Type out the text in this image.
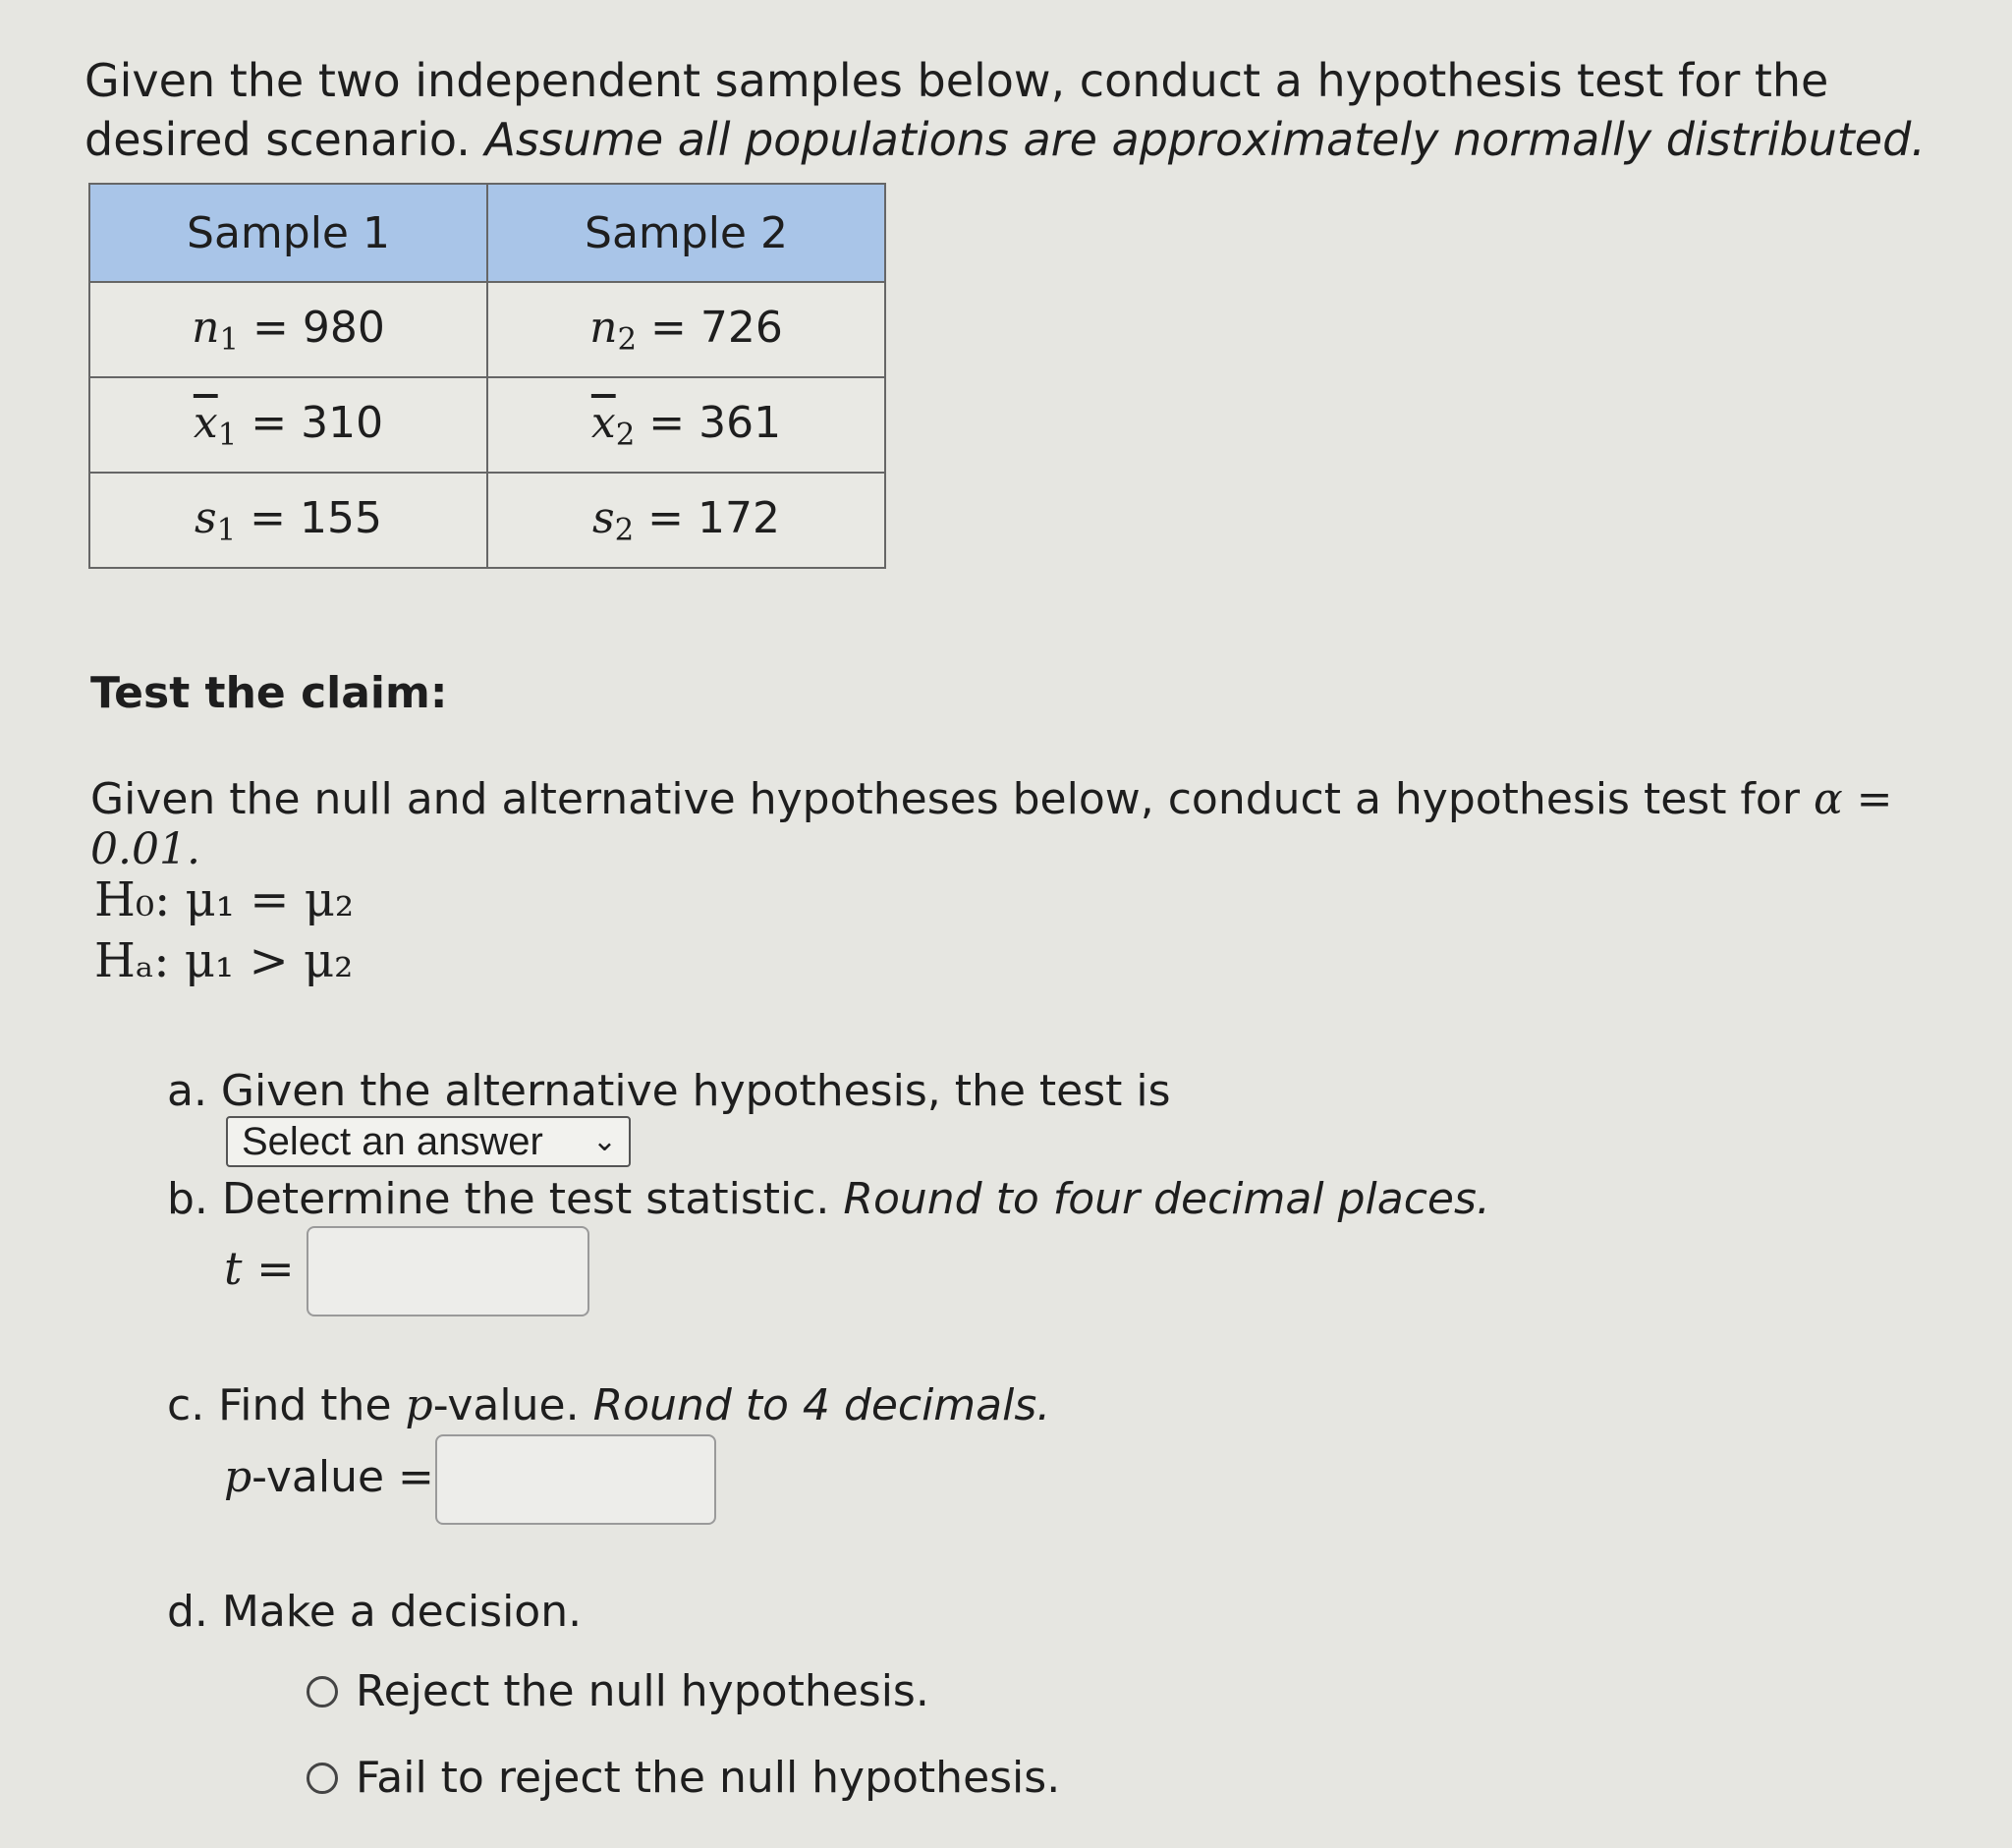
Given the two independent samples below, conduct a hypothesis test for the desired scenario. Assume all populations are approximately normally distributed.
Sample 1	Sample 2
n1 = 980	n2 = 726
$\overline{x}1 = 310$	$\overline{x}2 = 361$
s1 = 155	s2 = 172
Test the claim:
Given the null and alternative hypotheses below, conduct a hypothesis test for α = 0.01.
H₀: μ₁ = μ₂
Hₐ: μ₁ > μ₂
a. Given the alternative hypothesis, the test is
Select an answer ⌄
b. Determine the test statistic. Round to four decimal places.
t =
c. Find the p-value. Round to 4 decimals.
p-value =
d. Make a decision.
Reject the null hypothesis.
Fail to reject the null hypothesis.
